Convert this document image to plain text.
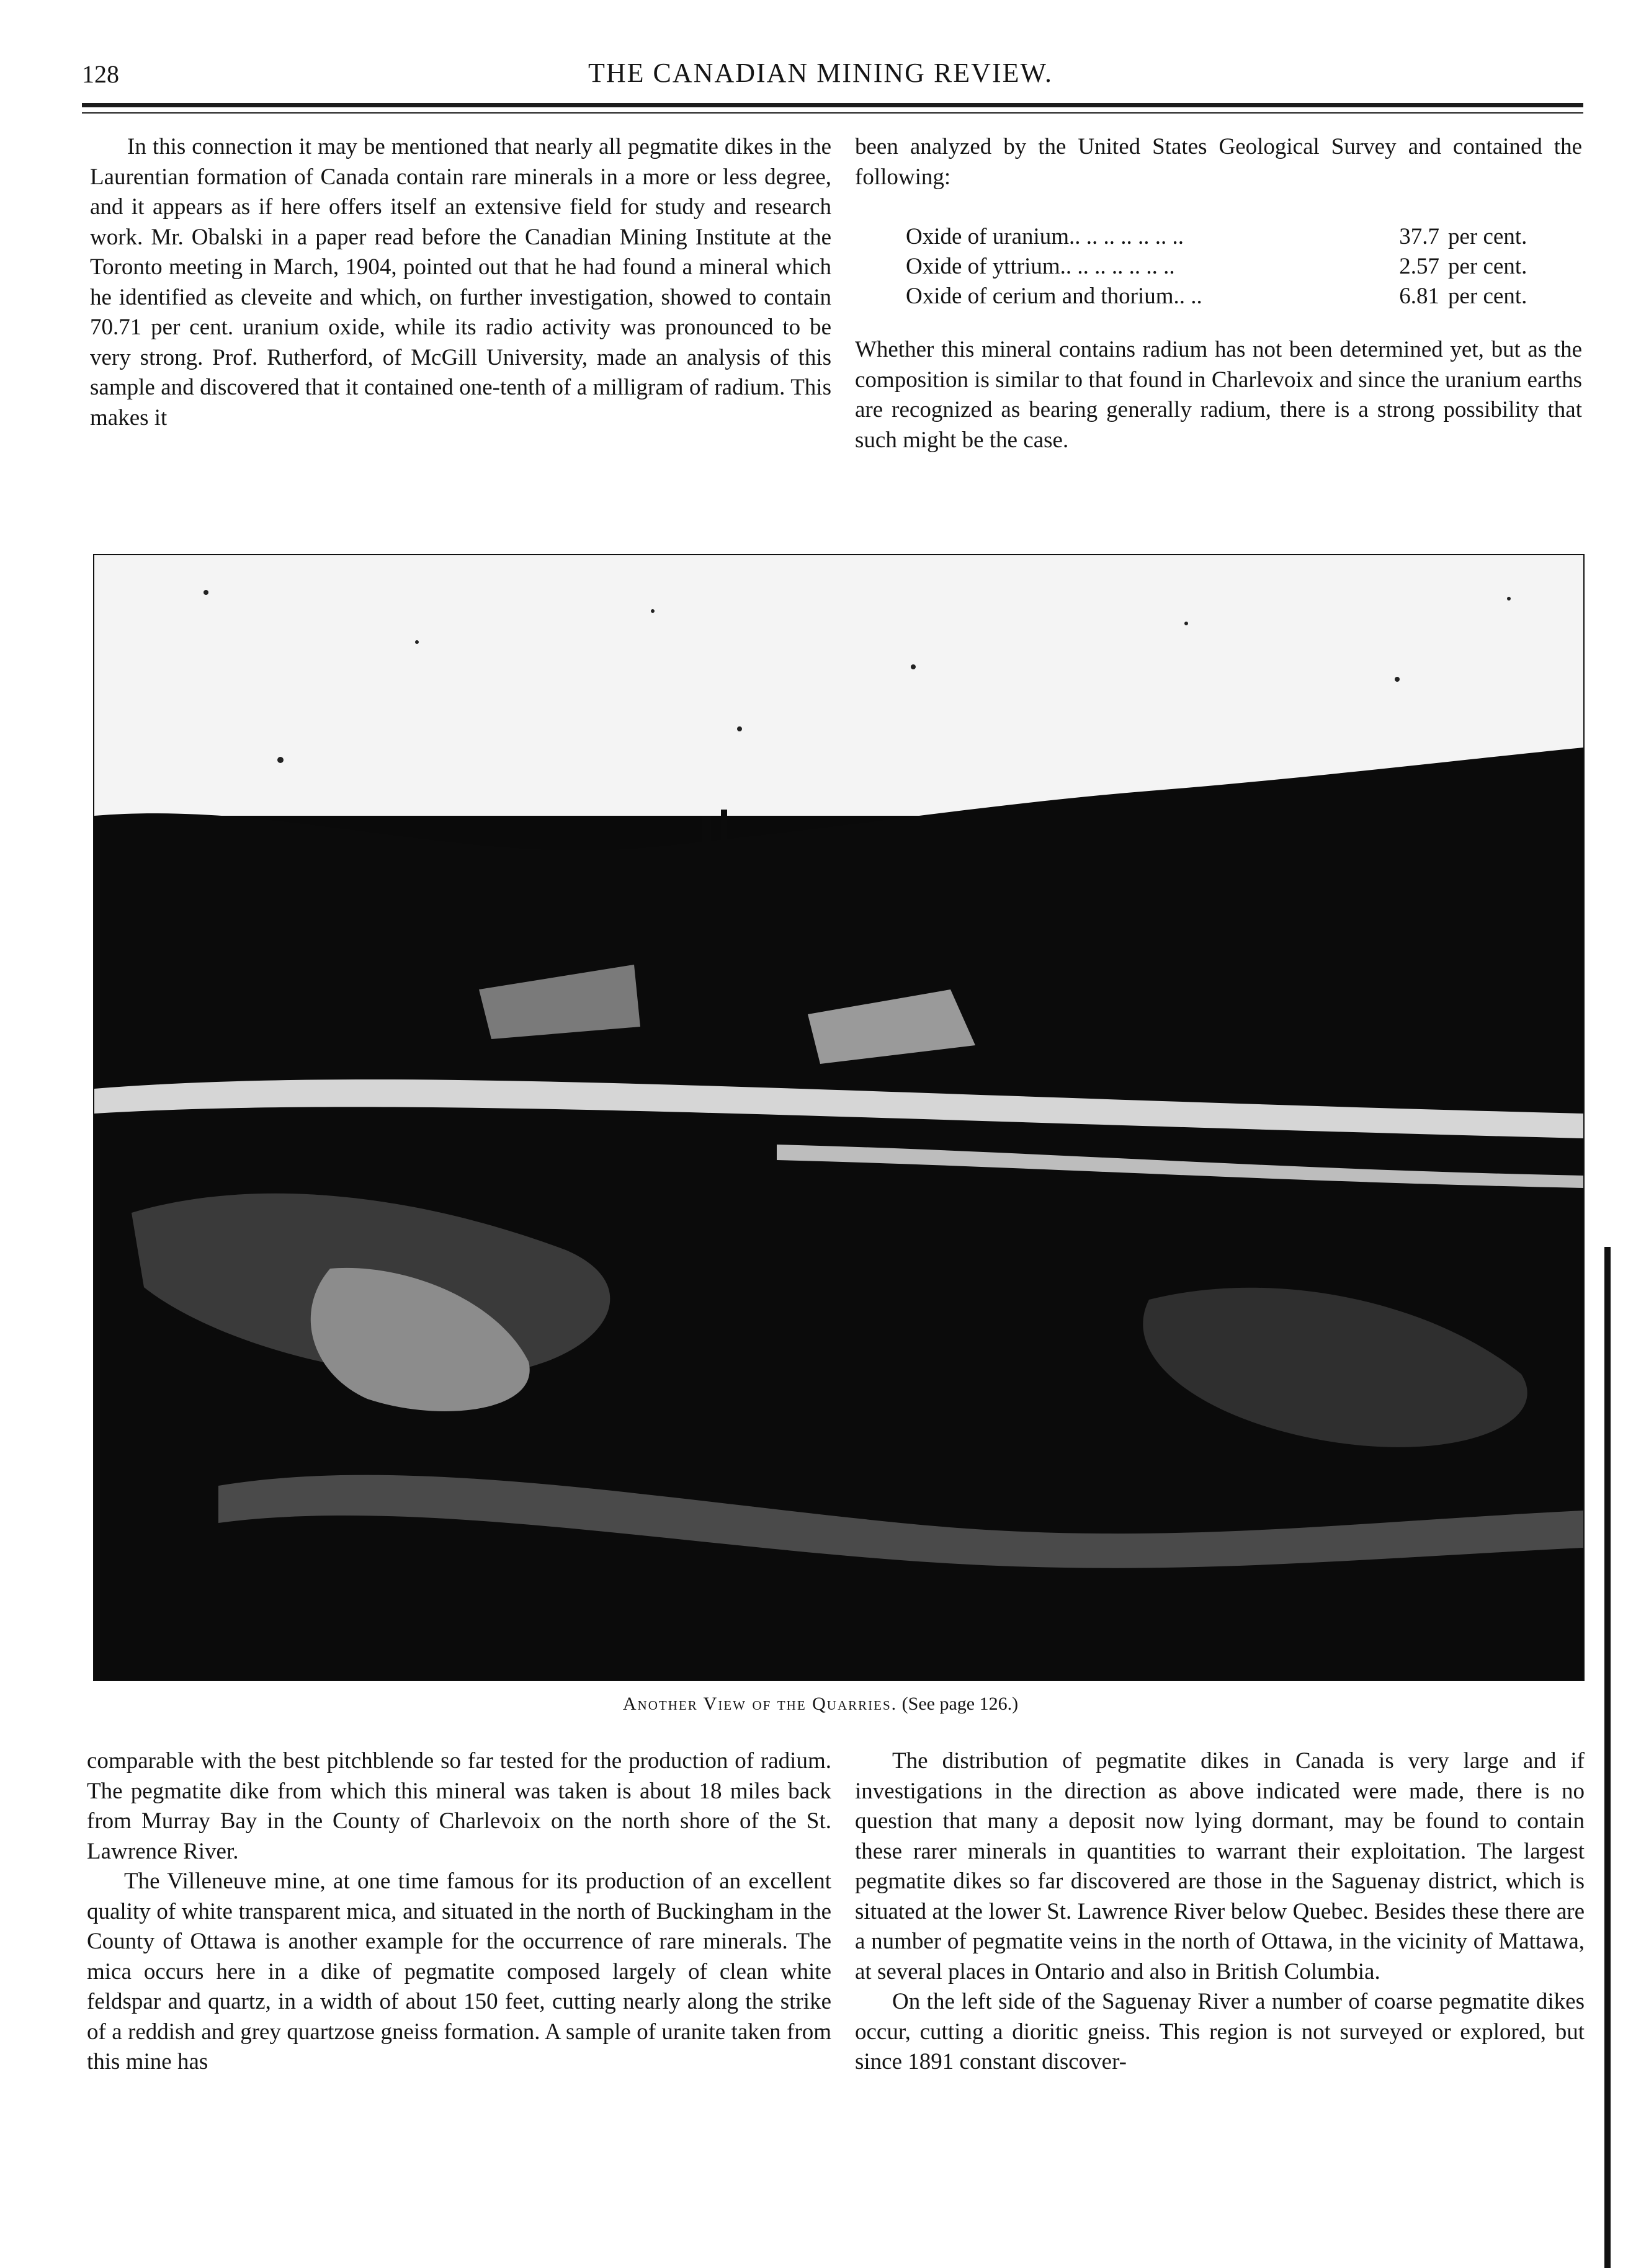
128	THE CANADIAN MINING REVIEW.

In this connection it may be mentioned that nearly all pegmatite dikes in the Laurentian formation of Canada contain rare minerals in a more or less degree, and it appears as if here offers itself an extensive field for study and research work. Mr. Obalski in a paper read before the Canadian Mining Institute at the Toronto meeting in March, 1904, pointed out that he had found a mineral which he identified as cleveite and which, on further investigation, showed to contain 70.71 per cent. uranium oxide, while its radio activity was pronounced to be very strong. Prof. Rutherford, of McGill University, made an analysis of this sample and discovered that it contained one-tenth of a milligram of radium. This makes it

been analyzed by the United States Geological Survey and contained the following:

Oxide of uranium.. .. .. .. .. .. ..	37.7	per cent.
Oxide of yttrium.. .. .. .. .. .. ..	2.57	per cent.
Oxide of cerium and thorium.. ..	6.81	per cent.

Whether this mineral contains radium has not been determined yet, but as the composition is similar to that found in Charlevoix and since the uranium earths are recognized as bearing generally radium, there is a strong possibility that such might be the case.

Another View of the Quarries. (See page 126.)

comparable with the best pitchblende so far tested for the production of radium. The pegmatite dike from which this mineral was taken is about 18 miles back from Murray Bay in the County of Charlevoix on the north shore of the St. Lawrence River.

The Villeneuve mine, at one time famous for its production of an excellent quality of white transparent mica, and situated in the north of Buckingham in the County of Ottawa is another example for the occurrence of rare minerals. The mica occurs here in a dike of pegmatite composed largely of clean white feldspar and quartz, in a width of about 150 feet, cutting nearly along the strike of a reddish and grey quartzose gneiss formation. A sample of uranite taken from this mine has

The distribution of pegmatite dikes in Canada is very large and if investigations in the direction as above indicated were made, there is no question that many a deposit now lying dormant, may be found to contain these rarer minerals in quantities to warrant their exploitation. The largest pegmatite dikes so far discovered are those in the Saguenay district, which is situated at the lower St. Lawrence River below Quebec. Besides these there are a number of pegmatite veins in the north of Ottawa, in the vicinity of Mattawa, at several places in Ontario and also in British Columbia.

On the left side of the Saguenay River a number of coarse pegmatite dikes occur, cutting a dioritic gneiss. This region is not surveyed or explored, but since 1891 constant discover-
